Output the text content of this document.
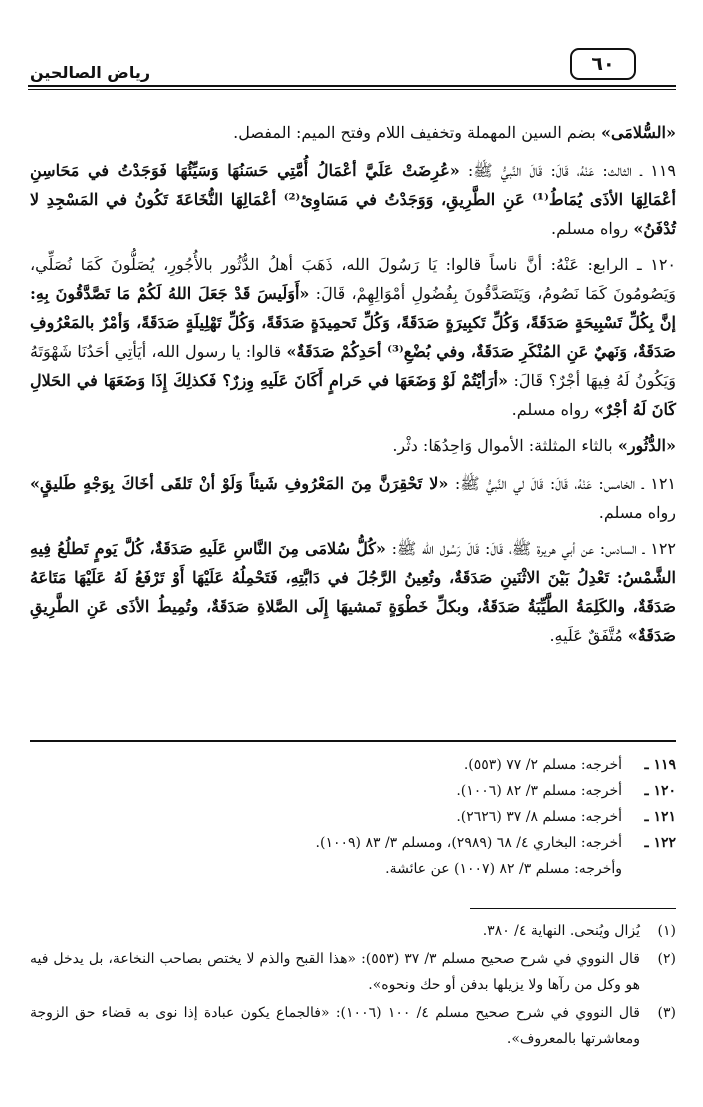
رياض الصالحين	٦٠

«السُّلامَى» بضم السين المهملة وتخفيف اللام وفتح الميم: المفصل.

١١٩ ـ الثالث: عَنْهُ، قَالَ: قَالَ النَّبيُّ ﷺ: «عُرِضَتْ عَلَيَّ أعْمَالُ أُمَّتِي حَسَنُهَا وَسَيِّئُهَا فَوَجَدْتُ في مَحَاسِنِ أعْمَالِهَا الأذَى يُمَاطُ⁽¹⁾ عَنِ الطَّرِيقِ، وَوَجَدْتُ في مَسَاوِئ⁽²⁾ أعْمَالِهَا النُّخَاعَةَ تَكُونُ في المَسْجِدِ لا تُدْفَنُ» رواه مسلم.

١٢٠ ـ الرابع: عَنْهُ: أنَّ ناساً قالوا: يَا رَسُولَ الله، ذَهَبَ أهلُ الدُّثُور بالأُجُورِ، يُصَلُّونَ كَمَا نُصَلِّي، وَيَصُومُونَ كَمَا نَصُومُ، وَيَتَصَدَّقُونَ بِفُضُولِ أمْوَالِهِمْ، قَالَ: «أَوَلَيسَ قَدْ جَعَلَ اللهُ لَكُمْ مَا تَصَّدَّقُونَ بِهِ: إنَّ بِكُلِّ تَسْبِيحَةٍ صَدَقَةً، وَكُلِّ تَكبِيرَةٍ صَدَقَةً، وَكُلِّ تَحمِيدَةٍ صَدَقَةً، وَكُلِّ تَهْلِيلَةٍ صَدَقَةً، وَأمْرٌ بالمَعْرُوفِ صَدَقَةٌ، وَنَهيٌ عَنِ المُنْكَرِ صَدَقَةٌ، وفي بُضْعِ⁽³⁾ أحَدِكُمْ صَدَقَةٌ» قالوا: يا رسول الله، أيَأتِي أحَدُنَا شَهْوَتَهُ وَيَكُونُ لَهُ فِيهَا أجْرٌ؟ قَالَ: «أرَأيْتُمْ لَوْ وَضَعَهَا في حَرامٍ أَكَانَ عَلَيهِ وِزرٌ؟ فَكذلِكَ إِذَا وَضَعَهَا في الحَلالِ كَانَ لَهُ أجْرٌ» رواه مسلم.

«الدُّثُور» بالثاء المثلثة: الأموال وَاحِدُهَا: دثْر.

١٢١ ـ الخامس: عَنْهُ، قَالَ: قَالَ لي النَّبيُّ ﷺ: «لا تَحْقِرَنَّ مِنَ المَعْرُوفِ شَيئاً وَلَوْ أنْ تَلقَى أخَاكَ بِوَجْهٍ طَليقٍ» رواه مسلم.

١٢٢ ـ السادس: عن أبي هريرة ﷺ، قَالَ: قَالَ رَسُول الله ﷺ: «كُلُّ سُلامَى مِنَ النَّاسِ عَلَيهِ صَدَقَةٌ، كُلَّ يَومٍ تَطلُعُ فِيهِ الشَّمْسُ: تَعْدِلُ بَيْنَ الاثْنَينِ صَدَقَةٌ، وتُعِينُ الرَّجُلَ في دَابَّتِهِ، فَتَحْمِلُهُ عَلَيْهَا أَوْ تَرْفَعُ لَهُ عَلَيْهَا مَتَاعَهُ صَدَقَةٌ، والكَلِمَةُ الطَّيِّبَةُ صَدَقَةٌ، وبكلِّ خَطْوَةٍ تَمشيهَا إِلَى الصَّلاةِ صَدَقَةٌ، وتُمِيطُ الأذَى عَنِ الطَّرِيقِ صَدَقَةٌ» مُتَّفَقٌ عَلَيهِ.

١١٩ ـ
أخرجه: مسلم ٢/ ٧٧ (٥٥٣).
١٢٠ ـ
أخرجه: مسلم ٣/ ٨٢ (١٠٠٦).
١٢١ ـ
أخرجه: مسلم ٨/ ٣٧ (٢٦٢٦).
١٢٢ ـ
أخرجه: البخاري ٤/ ٦٨ (٢٩٨٩)، ومسلم ٣/ ٨٣ (١٠٠٩).
وأخرجه: مسلم ٣/ ٨٢ (١٠٠٧) عن عائشة.
(١)
يُزال ويُنحى. النهاية ٤/ ٣٨٠.
(٢)
قال النووي في شرح صحيح مسلم ٣/ ٣٧ (٥٥٣): «هذا القبح والذم لا يختص بصاحب النخاعة، بل يدخل فيه هو وكل من رآها ولا يزيلها بدفن أو حك ونحوه».
(٣)
قال النووي في شرح صحيح مسلم ٤/ ١٠٠ (١٠٠٦): «فالجماع يكون عبادة إذا نوى به قضاء حق الزوجة ومعاشرتها بالمعروف».
